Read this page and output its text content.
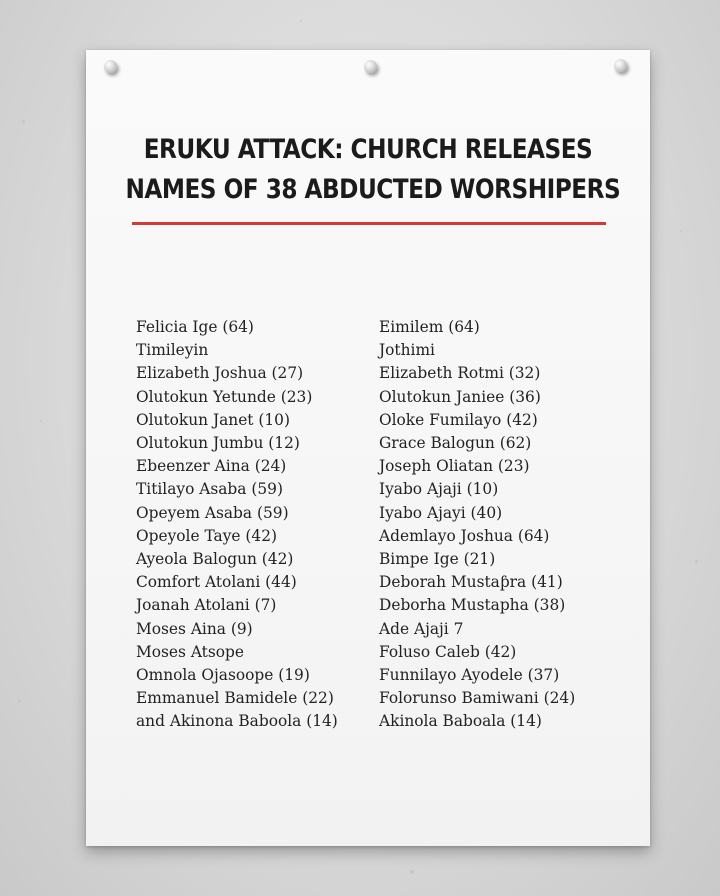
ERUKU ATTACK: CHURCH RELEASES
NAMES OF 38 ABDUCTED WORSHIPERS
Felicia Ige (64)
Timileyin
Elizabeth Joshua (27)
Olutokun Yetunde (23)
Olutokun Janet (10)
Olutokun Jumbu (12)
Ebeenzer Aina (24)
Titilayo Asaba (59)
Opeyem Asaba (59)
Opeyole Taye (42)
Ayeola Balogun (42)
Comfort Atolani (44)
Joanah Atolani (7)
Moses Aina (9)
Moses Atsope
Omnola Ojasoope (19)
Emmanuel Bamidele (22)
and Akinona Baboola (14)
Eimilem (64)
Jothimi
Elizabeth Rotmi (32)
Olutokun Janiee (36)
Oloke Fumilayo (42)
Grace Balogun (62)
Joseph Oliatan (23)
Iyabo Ajaji (10)
Iyabo Ajayi (40)
Ademlayo Joshua (64)
Bimpe Ige (21)
Deborah Mustaƥra (41)
Deborha Mustapha (38)
Ade Ajaji 7
Foluso Caleb (42)
Funnilayo Ayodele (37)
Folorunso Bamiwani (24)
Akinola Baboala (14)
